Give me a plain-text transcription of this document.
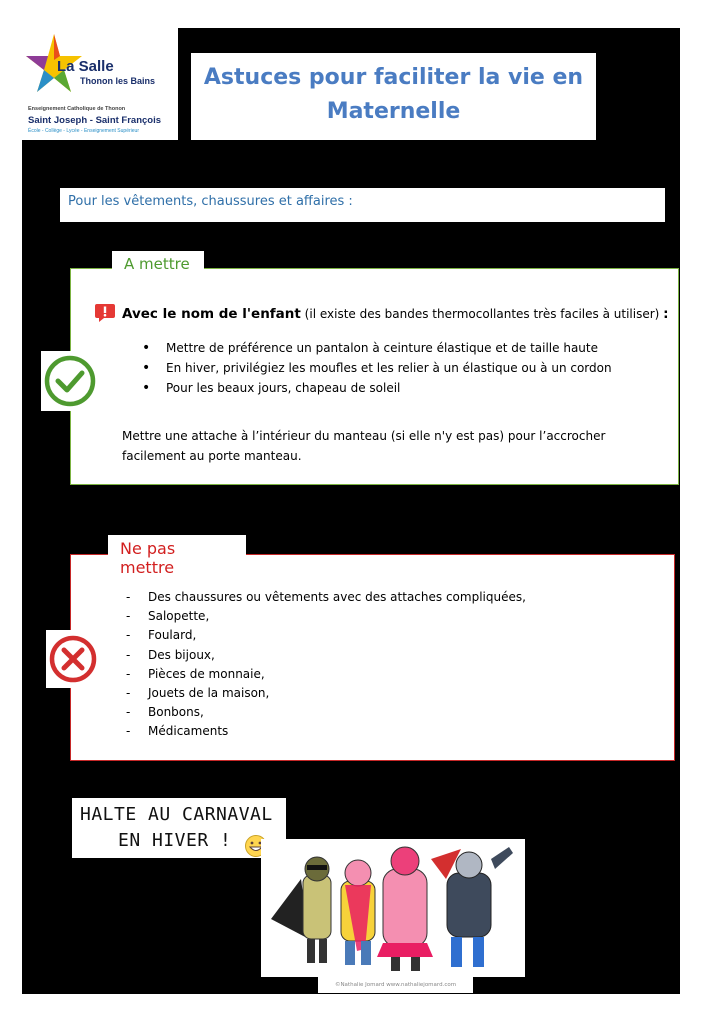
La Salle
Thonon les Bains
Enseignement Catholique de Thonon
Saint Joseph - Saint François
École - Collège - Lycée - Enseignement Supérieur
Astuces pour faciliter la vie en
Maternelle
Pour les vêtements, chaussures et affaires :
A mettre
Avec le nom de l'enfant (il existe des bandes thermocollantes très faciles à utiliser) :
• Mettre de préférence un pantalon à ceinture élastique et de taille haute
• En hiver, privilégiez les moufles et les relier à un élastique ou à un cordon
• Pour les beaux jours, chapeau de soleil
Mettre une attache à l’intérieur du manteau (si elle n'y est pas) pour l’accrocher facilement au porte manteau.
Ne pas mettre
- Des chaussures ou vêtements avec des attaches compliquées,
- Salopette,
- Foulard,
- Des bijoux,
- Pièces de monnaie,
- Jouets de la maison,
- Bonbons,
- Médicaments
HALTE AU CARNAVAL
EN HIVER !
©Nathalie Jomard www.nathaliejomard.com
